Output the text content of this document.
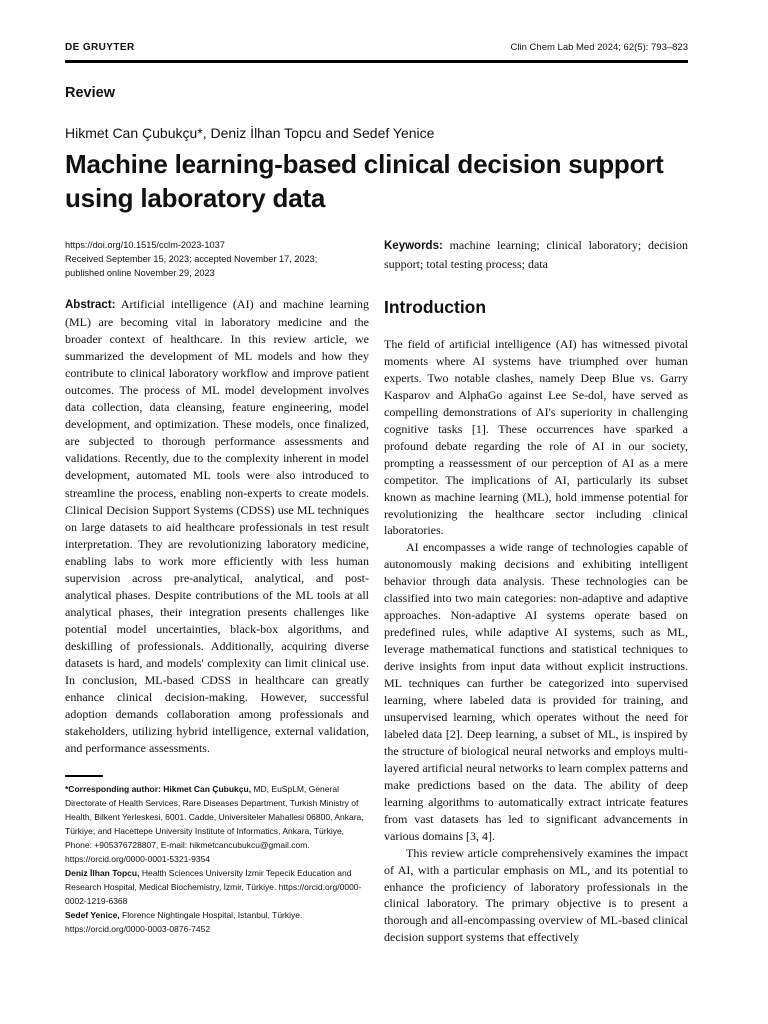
DE GRUYTER	Clin Chem Lab Med 2024; 62(5): 793–823
Review
Hikmet Can Çubukçu*, Deniz İlhan Topcu and Sedef Yenice
Machine learning-based clinical decision support using laboratory data
https://doi.org/10.1515/cclm-2023-1037
Received September 15, 2023; accepted November 17, 2023;
published online November 29, 2023
Keywords: machine learning; clinical laboratory; decision support; total testing process; data
Abstract: Artificial intelligence (AI) and machine learning (ML) are becoming vital in laboratory medicine and the broader context of healthcare. In this review article, we summarized the development of ML models and how they contribute to clinical laboratory workflow and improve patient outcomes. The process of ML model development involves data collection, data cleansing, feature engineering, model development, and optimization. These models, once finalized, are subjected to thorough performance assessments and validations. Recently, due to the complexity inherent in model development, automated ML tools were also introduced to streamline the process, enabling non-experts to create models. Clinical Decision Support Systems (CDSS) use ML techniques on large datasets to aid healthcare professionals in test result interpretation. They are revolutionizing laboratory medicine, enabling labs to work more efficiently with less human supervision across pre-analytical, analytical, and post-analytical phases. Despite contributions of the ML tools at all analytical phases, their integration presents challenges like potential model uncertainties, black-box algorithms, and deskilling of professionals. Additionally, acquiring diverse datasets is hard, and models' complexity can limit clinical use. In conclusion, ML-based CDSS in healthcare can greatly enhance clinical decision-making. However, successful adoption demands collaboration among professionals and stakeholders, utilizing hybrid intelligence, external validation, and performance assessments.

*Corresponding author: Hikmet Can Çubukçu, MD, EuSpLM, General Directorate of Health Services, Rare Diseases Department, Turkish Ministry of Health, Bilkent Yerleskesi, 6001. Cadde, Universiteler Mahallesi 06800, Ankara, Türkiye; and Hacettepe University Institute of Informatics, Ankara, Türkiye, Phone: +905376728807, E-mail: hikmetcancubukcu@gmail.com. https://orcid.org/0000-0001-5321-9354

Deniz İlhan Topcu, Health Sciences University İzmir Tepecik Education and Research Hospital, Medical Biochemistry, İzmir, Türkiye. https://orcid.org/0000-0002-1219-6368

Sedef Yenice, Florence Nightingale Hospital, Istanbul, Türkiye. https://orcid.org/0000-0003-0876-7452

Introduction

The field of artificial intelligence (AI) has witnessed pivotal moments where AI systems have triumphed over human experts. Two notable clashes, namely Deep Blue vs. Garry Kasparov and AlphaGo against Lee Se-dol, have served as compelling demonstrations of AI's superiority in challenging cognitive tasks [1]. These occurrences have sparked a profound debate regarding the role of AI in our society, prompting a reassessment of our perception of AI as a mere competitor. The implications of AI, particularly its subset known as machine learning (ML), hold immense potential for revolutionizing the healthcare sector including clinical laboratories.

AI encompasses a wide range of technologies capable of autonomously making decisions and exhibiting intelligent behavior through data analysis. These technologies can be classified into two main categories: non-adaptive and adaptive approaches. Non-adaptive AI systems operate based on predefined rules, while adaptive AI systems, such as ML, leverage mathematical functions and statistical techniques to derive insights from input data without explicit instructions. ML techniques can further be categorized into supervised learning, where labeled data is provided for training, and unsupervised learning, which operates without the need for labeled data [2]. Deep learning, a subset of ML, is inspired by the structure of biological neural networks and employs multi-layered artificial neural networks to learn complex patterns and make predictions based on the data. The ability of deep learning algorithms to automatically extract intricate features from vast datasets has led to significant advancements in various domains [3, 4].

This review article comprehensively examines the impact of AI, with a particular emphasis on ML, and its potential to enhance the proficiency of laboratory professionals in the clinical laboratory. The primary objective is to present a thorough and all-encompassing overview of ML-based clinical decision support systems that effectively
